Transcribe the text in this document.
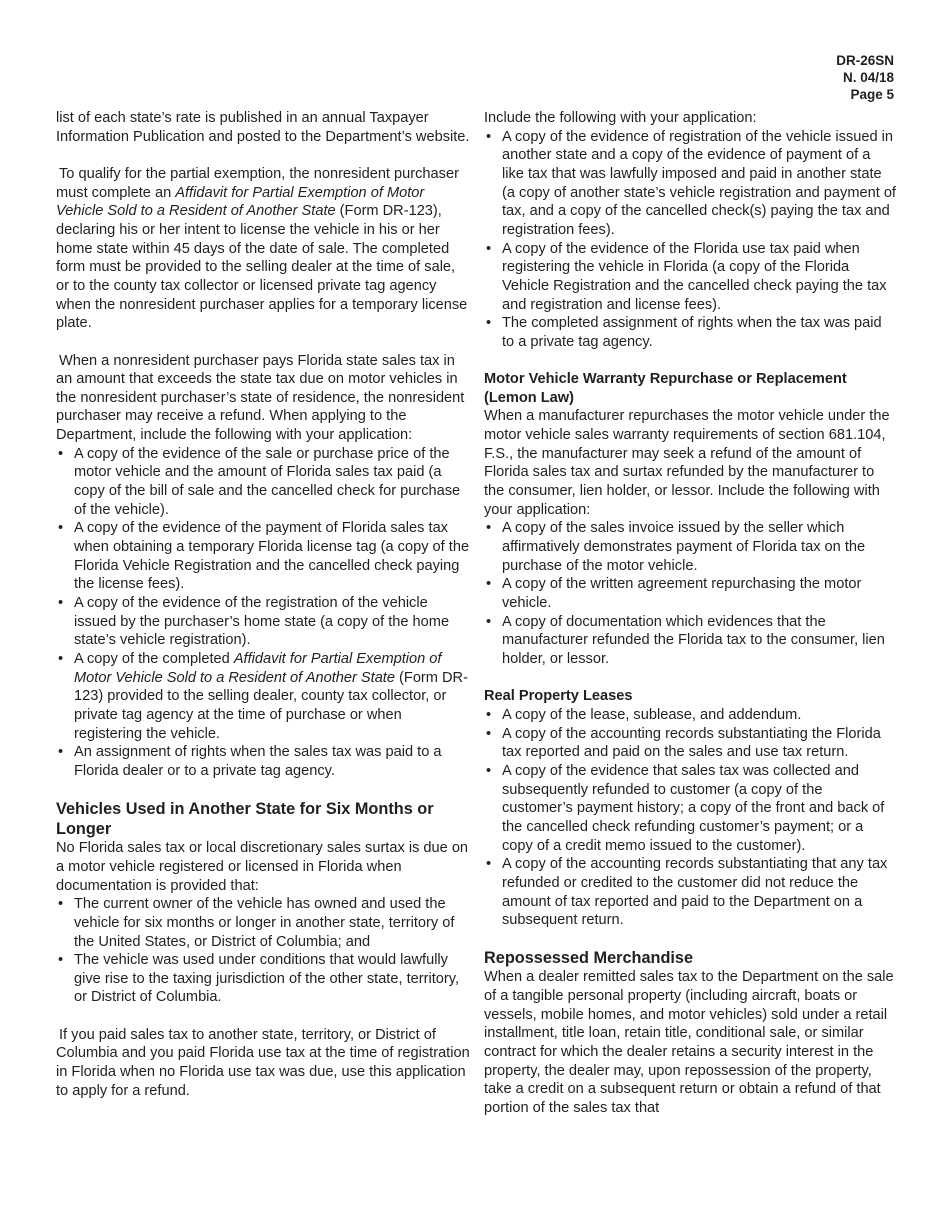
DR-26SN
N. 04/18
Page 5

list of each state’s rate is published in an annual Taxpayer Information Publication and posted to the Department’s website.

To qualify for the partial exemption, the nonresident purchaser must complete an Affidavit for Partial Exemption of Motor Vehicle Sold to a Resident of Another State (Form DR-123), declaring his or her intent to license the vehicle in his or her home state within 45 days of the date of sale. The completed form must be provided to the selling dealer at the time of sale, or to the county tax collector or licensed private tag agency when the nonresident purchaser applies for a temporary license plate.

When a nonresident purchaser pays Florida state sales tax in an amount that exceeds the state tax due on motor vehicles in the nonresident purchaser’s state of residence, the nonresident purchaser may receive a refund. When applying to the Department, include the following with your application:

• A copy of the evidence of the sale or purchase price of the motor vehicle and the amount of Florida sales tax paid (a copy of the bill of sale and the cancelled check for purchase of the vehicle).
• A copy of the evidence of the payment of Florida sales tax when obtaining a temporary Florida license tag (a copy of the Florida Vehicle Registration and the cancelled check paying the license fees).
• A copy of the evidence of the registration of the vehicle issued by the purchaser’s home state (a copy of the home state’s vehicle registration).
• A copy of the completed Affidavit for Partial Exemption of Motor Vehicle Sold to a Resident of Another State (Form DR-123) provided to the selling dealer, county tax collector, or private tag agency at the time of purchase or when registering the vehicle.
• An assignment of rights when the sales tax was paid to a Florida dealer or to a private tag agency.
Vehicles Used in Another State for Six Months or Longer

No Florida sales tax or local discretionary sales surtax is due on a motor vehicle registered or licensed in Florida when documentation is provided that:

• The current owner of the vehicle has owned and used the vehicle for six months or longer in another state, territory of the United States, or District of Columbia; and
• The vehicle was used under conditions that would lawfully give rise to the taxing jurisdiction of the other state, territory, or District of Columbia.

If you paid sales tax to another state, territory, or District of Columbia and you paid Florida use tax at the time of registration in Florida when no Florida use tax was due, use this application to apply for a refund.

Include the following with your application:

• A copy of the evidence of registration of the vehicle issued in another state and a copy of the evidence of payment of a like tax that was lawfully imposed and paid in another state (a copy of another state’s vehicle registration and payment of tax, and a copy of the cancelled check(s) paying the tax and registration fees).
• A copy of the evidence of the Florida use tax paid when registering the vehicle in Florida (a copy of the Florida Vehicle Registration and the cancelled check paying the tax and registration and license fees).
• The completed assignment of rights when the tax was paid to a private tag agency.
Motor Vehicle Warranty Repurchase or Replacement (Lemon Law)

When a manufacturer repurchases the motor vehicle under the motor vehicle sales warranty requirements of section 681.104, F.S., the manufacturer may seek a refund of the amount of Florida sales tax and surtax refunded by the manufacturer to the consumer, lien holder, or lessor. Include the following with your application:

• A copy of the sales invoice issued by the seller which affirmatively demonstrates payment of Florida tax on the purchase of the motor vehicle.
• A copy of the written agreement repurchasing the motor vehicle.
• A copy of documentation which evidences that the manufacturer refunded the Florida tax to the consumer, lien holder, or lessor.
Real Property Leases
• A copy of the lease, sublease, and addendum.
• A copy of the accounting records substantiating the Florida tax reported and paid on the sales and use tax return.
• A copy of the evidence that sales tax was collected and subsequently refunded to customer (a copy of the customer’s payment history; a copy of the front and back of the cancelled check refunding customer’s payment; or a copy of a credit memo issued to the customer).
• A copy of the accounting records substantiating that any tax refunded or credited to the customer did not reduce the amount of tax reported and paid to the Department on a subsequent return.
Repossessed Merchandise

When a dealer remitted sales tax to the Department on the sale of a tangible personal property (including aircraft, boats or vessels, mobile homes, and motor vehicles) sold under a retail installment, title loan, retain title, conditional sale, or similar contract for which the dealer retains a security interest in the property, the dealer may, upon repossession of the property, take a credit on a subsequent return or obtain a refund of that portion of the sales tax that
